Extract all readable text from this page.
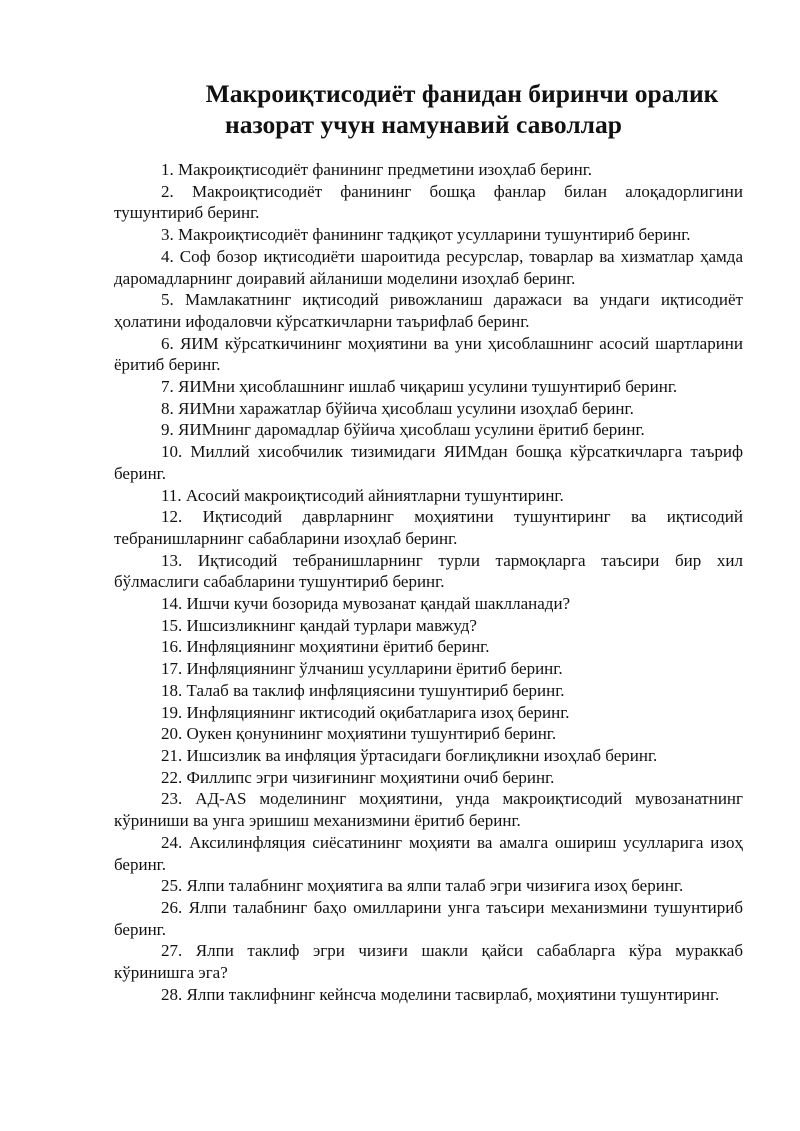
Макроиқтисодиёт фанидан биринчи оралик
назорат учун намунавий саволлар
1. Макроиқтисодиёт фанининг предметини изоҳлаб беринг.
2. Макроиқтисодиёт фанининг бошқа фанлар билан алоқадорлигини тушунтириб беринг.
3. Макроиқтисодиёт фанининг тадқиқот усулларини тушунтириб беринг.
4. Соф бозор иқтисодиёти шароитида ресурслар, товарлар ва хизматлар ҳамда даромадларнинг доиравий айланиши моделини изоҳлаб беринг.
5. Мамлакатнинг иқтисодий ривожланиш даражаси ва ундаги иқтисодиёт ҳолатини ифодаловчи кўрсаткичларни таърифлаб беринг.
6. ЯИМ кўрсаткичининг моҳиятини ва уни ҳисоблашнинг асосий шартларини ёритиб беринг.
7. ЯИМни ҳисоблашнинг ишлаб чиқариш усулини тушунтириб беринг.
8. ЯИМни харажатлар бўйича ҳисоблаш усулини изоҳлаб беринг.
9. ЯИМнинг даромадлар бўйича ҳисоблаш усулини ёритиб беринг.
10. Миллий хисобчилик тизимидаги ЯИМдан бошқа кўрсаткичларга таъриф беринг.
11. Асосий макроиқтисодий айниятларни тушунтиринг.
12. Иқтисодий даврларнинг моҳиятини тушунтиринг ва иқтисодий тебранишларнинг сабабларини изоҳлаб беринг.
13. Иқтисодий тебранишларнинг турли тармоқларга таъсири бир хил бўлмаслиги сабабларини тушунтириб беринг.
14. Ишчи кучи бозорида мувозанат қандай шаклланади?
15. Ишсизликнинг қандай турлари мавжуд?
16. Инфляциянинг моҳиятини ёритиб беринг.
17. Инфляциянинг ўлчаниш усулларини ёритиб беринг.
18. Талаб ва таклиф инфляциясини тушунтириб беринг.
19. Инфляциянинг иктисодий оқибатларига изоҳ беринг.
20. Оукен қонунининг моҳиятини тушунтириб беринг.
21. Ишсизлик ва инфляция ўртасидаги боғлиқликни изоҳлаб беринг.
22. Филлипс эгри чизиғининг моҳиятини очиб беринг.
23. АД-АS моделининг моҳиятини, унда макроиқтисодий мувозанатнинг кўриниши ва унга эришиш механизмини ёритиб беринг.
24. Аксилинфляция сиёсатининг моҳияти ва амалга ошириш усулларига изоҳ беринг.
25. Ялпи талабнинг моҳиятига ва ялпи талаб эгри чизиғига изоҳ беринг.
26. Ялпи талабнинг баҳо омилларини унга таъсири механизмини тушунтириб беринг.
27. Ялпи таклиф эгри чизиғи шакли қайси сабабларга кўра мураккаб кўринишга эга?
28. Ялпи таклифнинг кейнсча моделини тасвирлаб, моҳиятини тушунтиринг.
